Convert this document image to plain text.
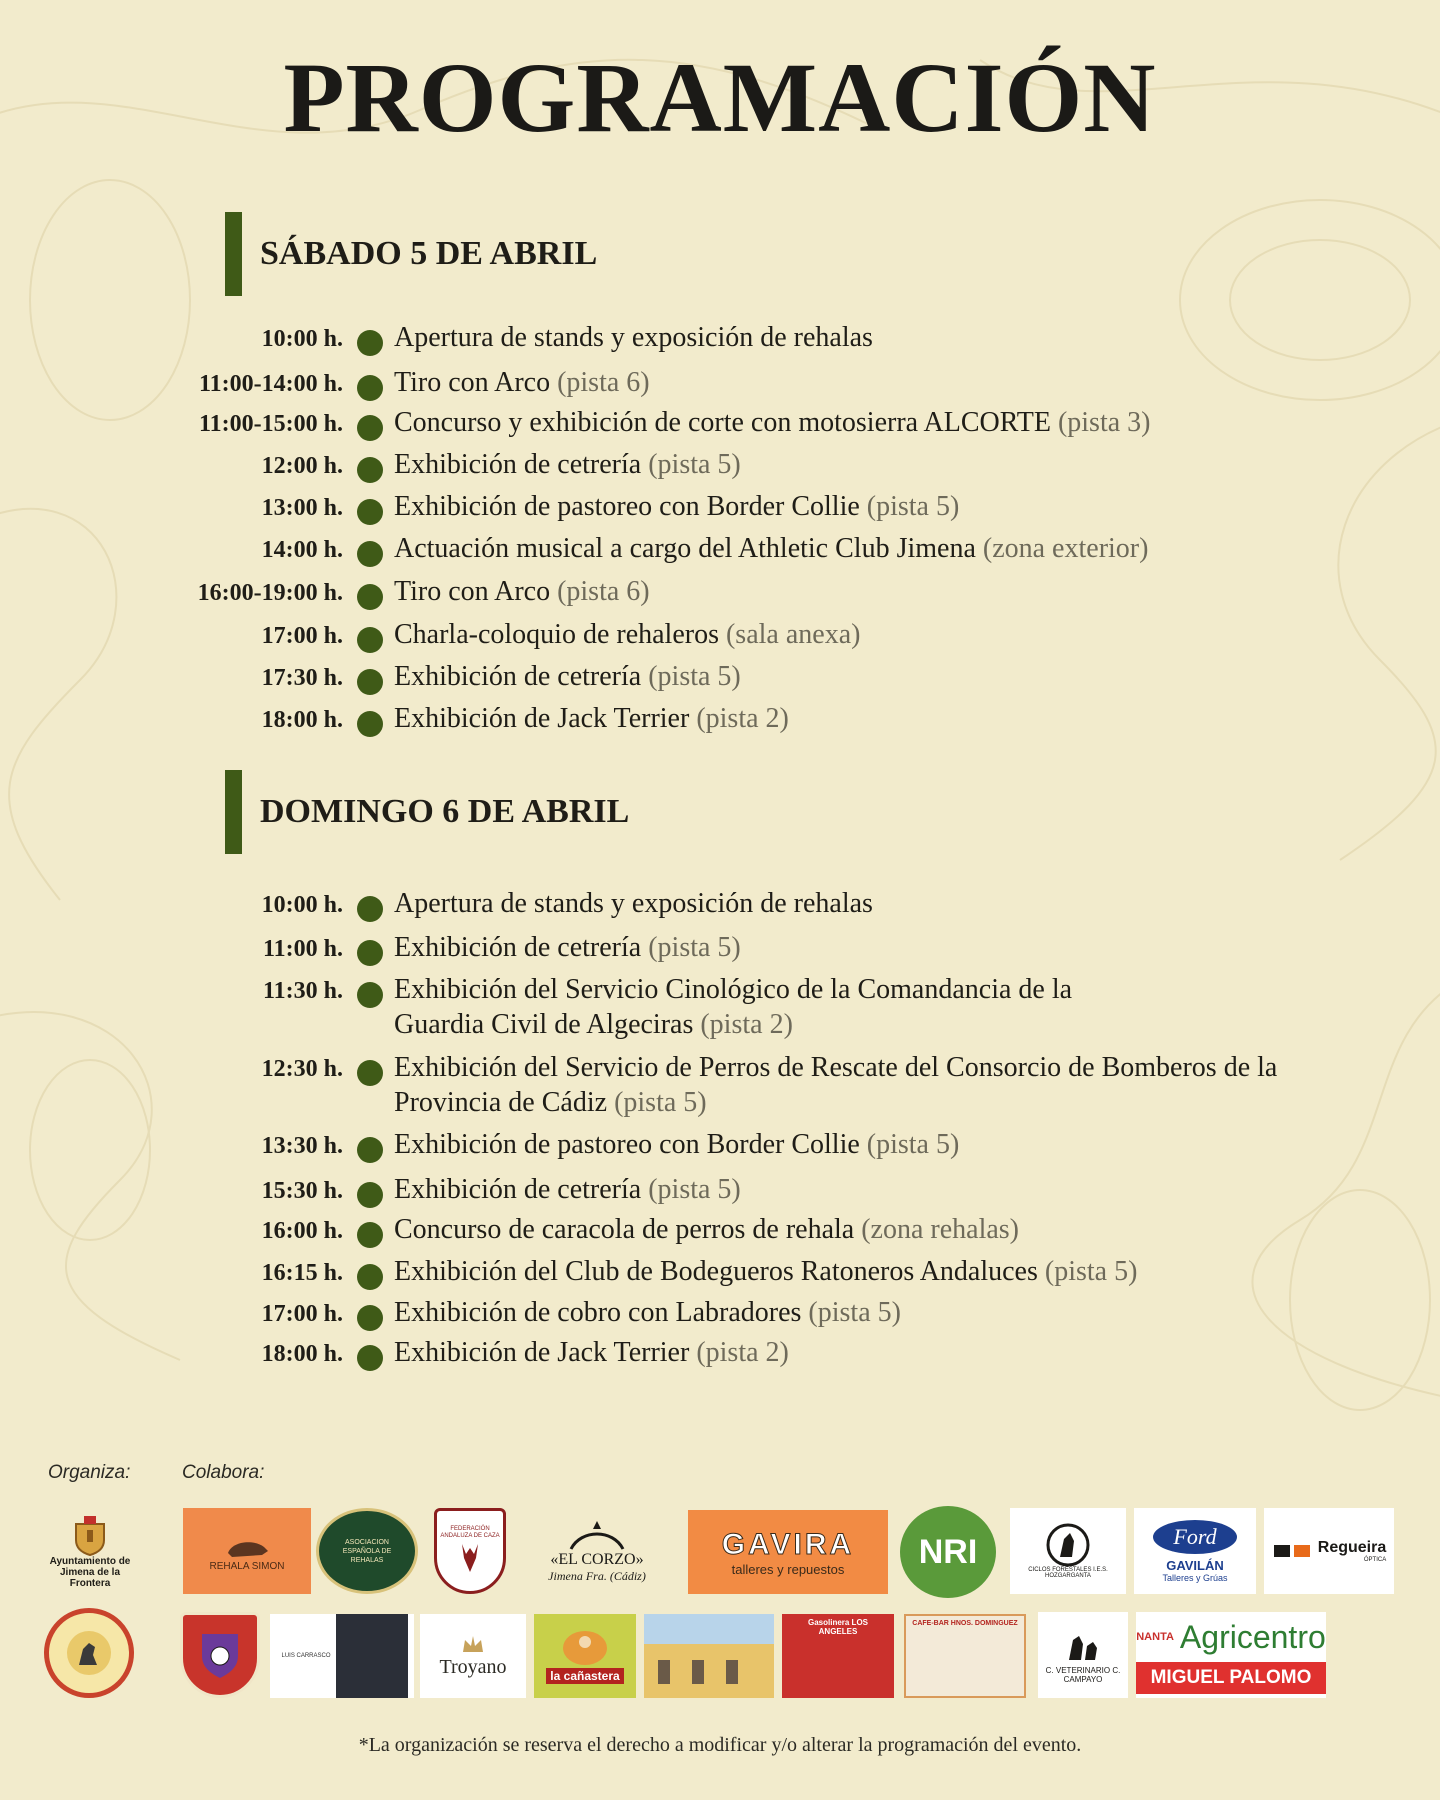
PROGRAMACIÓN
SÁBADO 5 DE ABRIL
10:00 h. Apertura de stands y exposición de rehalas
11:00-14:00 h. Tiro con Arco (pista 6)
11:00-15:00 h. Concurso y exhibición de corte con motosierra ALCORTE (pista 3)
12:00 h. Exhibición de cetrería (pista 5)
13:00 h. Exhibición de pastoreo con Border Collie (pista 5)
14:00 h. Actuación musical a cargo del Athletic Club Jimena (zona exterior)
16:00-19:00 h. Tiro con Arco (pista 6)
17:00 h. Charla-coloquio de rehaleros (sala anexa)
17:30 h. Exhibición de cetrería (pista 5)
18:00 h. Exhibición de Jack Terrier (pista 2)
DOMINGO 6 DE ABRIL
10:00 h. Apertura de stands y exposición de rehalas
11:00 h. Exhibición de cetrería (pista 5)
11:30 h. Exhibición del Servicio Cinológico de la Comandancia de la
Guardia Civil de Algeciras (pista 2)
12:30 h. Exhibición del Servicio de Perros de Rescate del Consorcio de Bomberos de la
Provincia de Cádiz (pista 5)
13:30 h. Exhibición de pastoreo con Border Collie (pista 5)
15:30 h. Exhibición de cetrería (pista 5)
16:00 h. Concurso de caracola de perros de rehala (zona rehalas)
16:15 h. Exhibición del Club de Bodegueros Ratoneros Andaluces (pista 5)
17:00 h. Exhibición de cobro con Labradores (pista 5)
18:00 h. Exhibición de Jack Terrier (pista 2)
Organiza:	Colabora:
Ayuntamiento de Jimena de la Frontera
REHALA SIMON
ASOCIACION ESPAÑOLA DE REHALAS
FEDERACIÓN ANDALUZA DE CAZA
«EL CORZO»
Jimena Fra. (Cádiz)
GAVIRA
talleres y repuestos NRI	CICLOS FORESTALES I.E.S. HOZGARGANTA
Ford
GAVILÁN
Talleres y Grúas
Regueira
ÓPTICA
LUIS CARRASCO	Troyano	la cañastera
Gasolinera LOS ANGELES
CAFE-BAR HNOS. DOMINGUEZ
C. VETERINARIO C. CAMPAYO
NANTA Agricentro
MIGUEL PALOMO
*La organización se reserva el derecho a modificar y/o alterar la programación del evento.
